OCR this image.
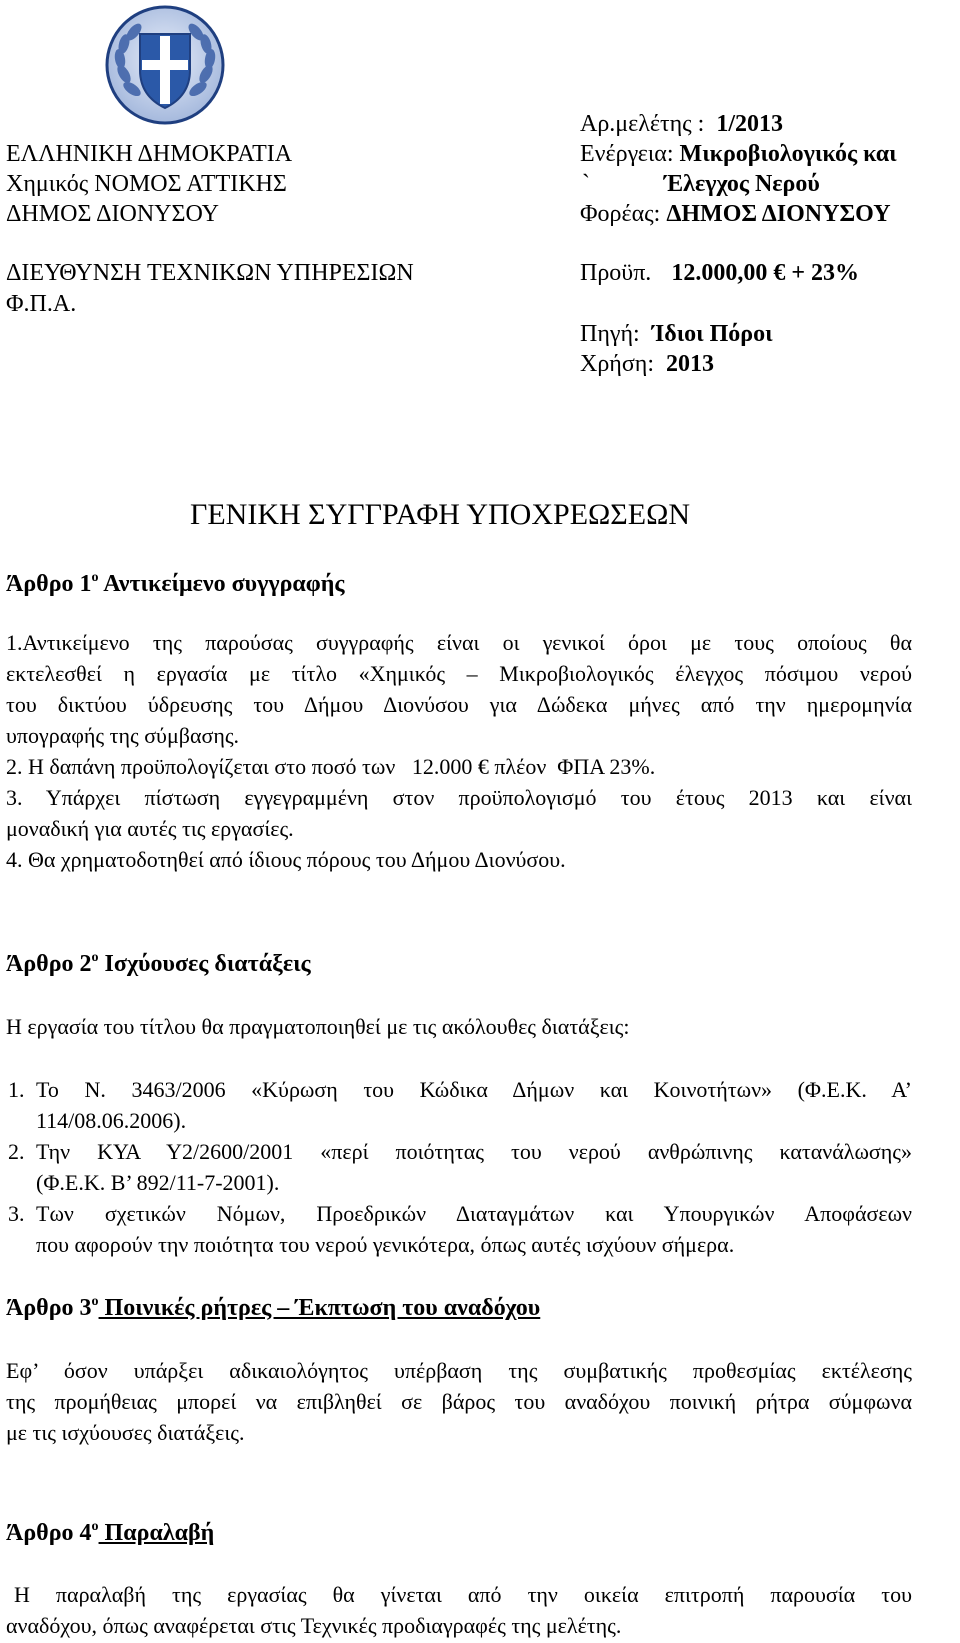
ΕΛΛΗΝΙΚΗ ΔΗΜΟΚΡΑΤΙΑ
Χημικός ΝΟΜΟΣ ΑΤΤΙΚΗΣ
ΔΗΜΟΣ ΔΙΟΝΥΣΟΥ
ΔΙΕΥΘΥΝΣΗ ΤΕΧΝΙΚΩΝ ΥΠΗΡΕΣΙΩΝ
Φ.Π.Α.
Αρ.μελέτης : 1/2013
Ενέργεια: Μικροβιολογικός και
`	Έλεγχος Νερού
Φορέας: ΔΗΜΟΣ ΔΙΟΝΥΣΟΥ
Προϋπ. 12.000,00 € + 23%
Πηγή: Ίδιοι Πόροι
Χρήση: 2013
ΓΕΝΙΚΗ ΣΥΓΓΡΑΦΗ ΥΠΟΧΡΕΩΣΕΩΝ
Άρθρο $1^o$ Αντικείμενο συγγραφής
1.Αντικείμενο της παρούσας συγγραφής είναι οι γενικοί όροι με τους οποίους θα
εκτελεσθεί η εργασία με τίτλο «Χημικός – Μικροβιολογικός έλεγχος πόσιμου νερού
του δικτύου ύδρευσης του Δήμου Διονύσου για Δώδεκα μήνες από την ημερομηνία
υπογραφής της σύμβασης.
2. Η δαπάνη προϋπολογίζεται στο ποσό των   12.000 € πλέον  ΦΠΑ 23%.
3. Υπάρχει πίστωση εγγεγραμμένη στον προϋπολογισμό του έτους 2013 και είναι
μοναδική για αυτές τις εργασίες.
4. Θα χρηματοδοτηθεί από ίδιους πόρους του Δήμου Διονύσου.
Άρθρο $2^o$ Ισχύουσες διατάξεις
Η εργασία του τίτλου θα πραγματοποιηθεί με τις ακόλουθες διατάξεις:
1. Το Ν. 3463/2006 «Κύρωση του Κώδικα Δήμων και Κοινοτήτων» (Φ.Ε.Κ. Α’
114/08.06.2006).
2. Την ΚΥΑ Υ2/2600/2001 «περί ποιότητας του νερού ανθρώπινης κατανάλωσης»
(Φ.Ε.Κ. Β’ 892/11-7-2001).
3. Των σχετικών Νόμων, Προεδρικών Διαταγμάτων και Υπουργικών Αποφάσεων
που αφορούν την ποιότητα του νερού γενικότερα, όπως αυτές ισχύουν σήμερα.
Άρθρο $3^o$ Ποινικές ρήτρες – Έκπτωση του αναδόχου
Εφ’ όσον υπάρξει αδικαιολόγητος υπέρβαση της συμβατικής προθεσμίας εκτέλεσης
της προμήθειας μπορεί να επιβληθεί σε βάρος του αναδόχου ποινική ρήτρα σύμφωνα
με τις ισχύουσες διατάξεις.
Άρθρο $4^o$ Παραλαβή
Η παραλαβή της εργασίας θα γίνεται από την οικεία επιτροπή παρουσία του
αναδόχου, όπως αναφέρεται στις Τεχνικές προδιαγραφές της μελέτης.
